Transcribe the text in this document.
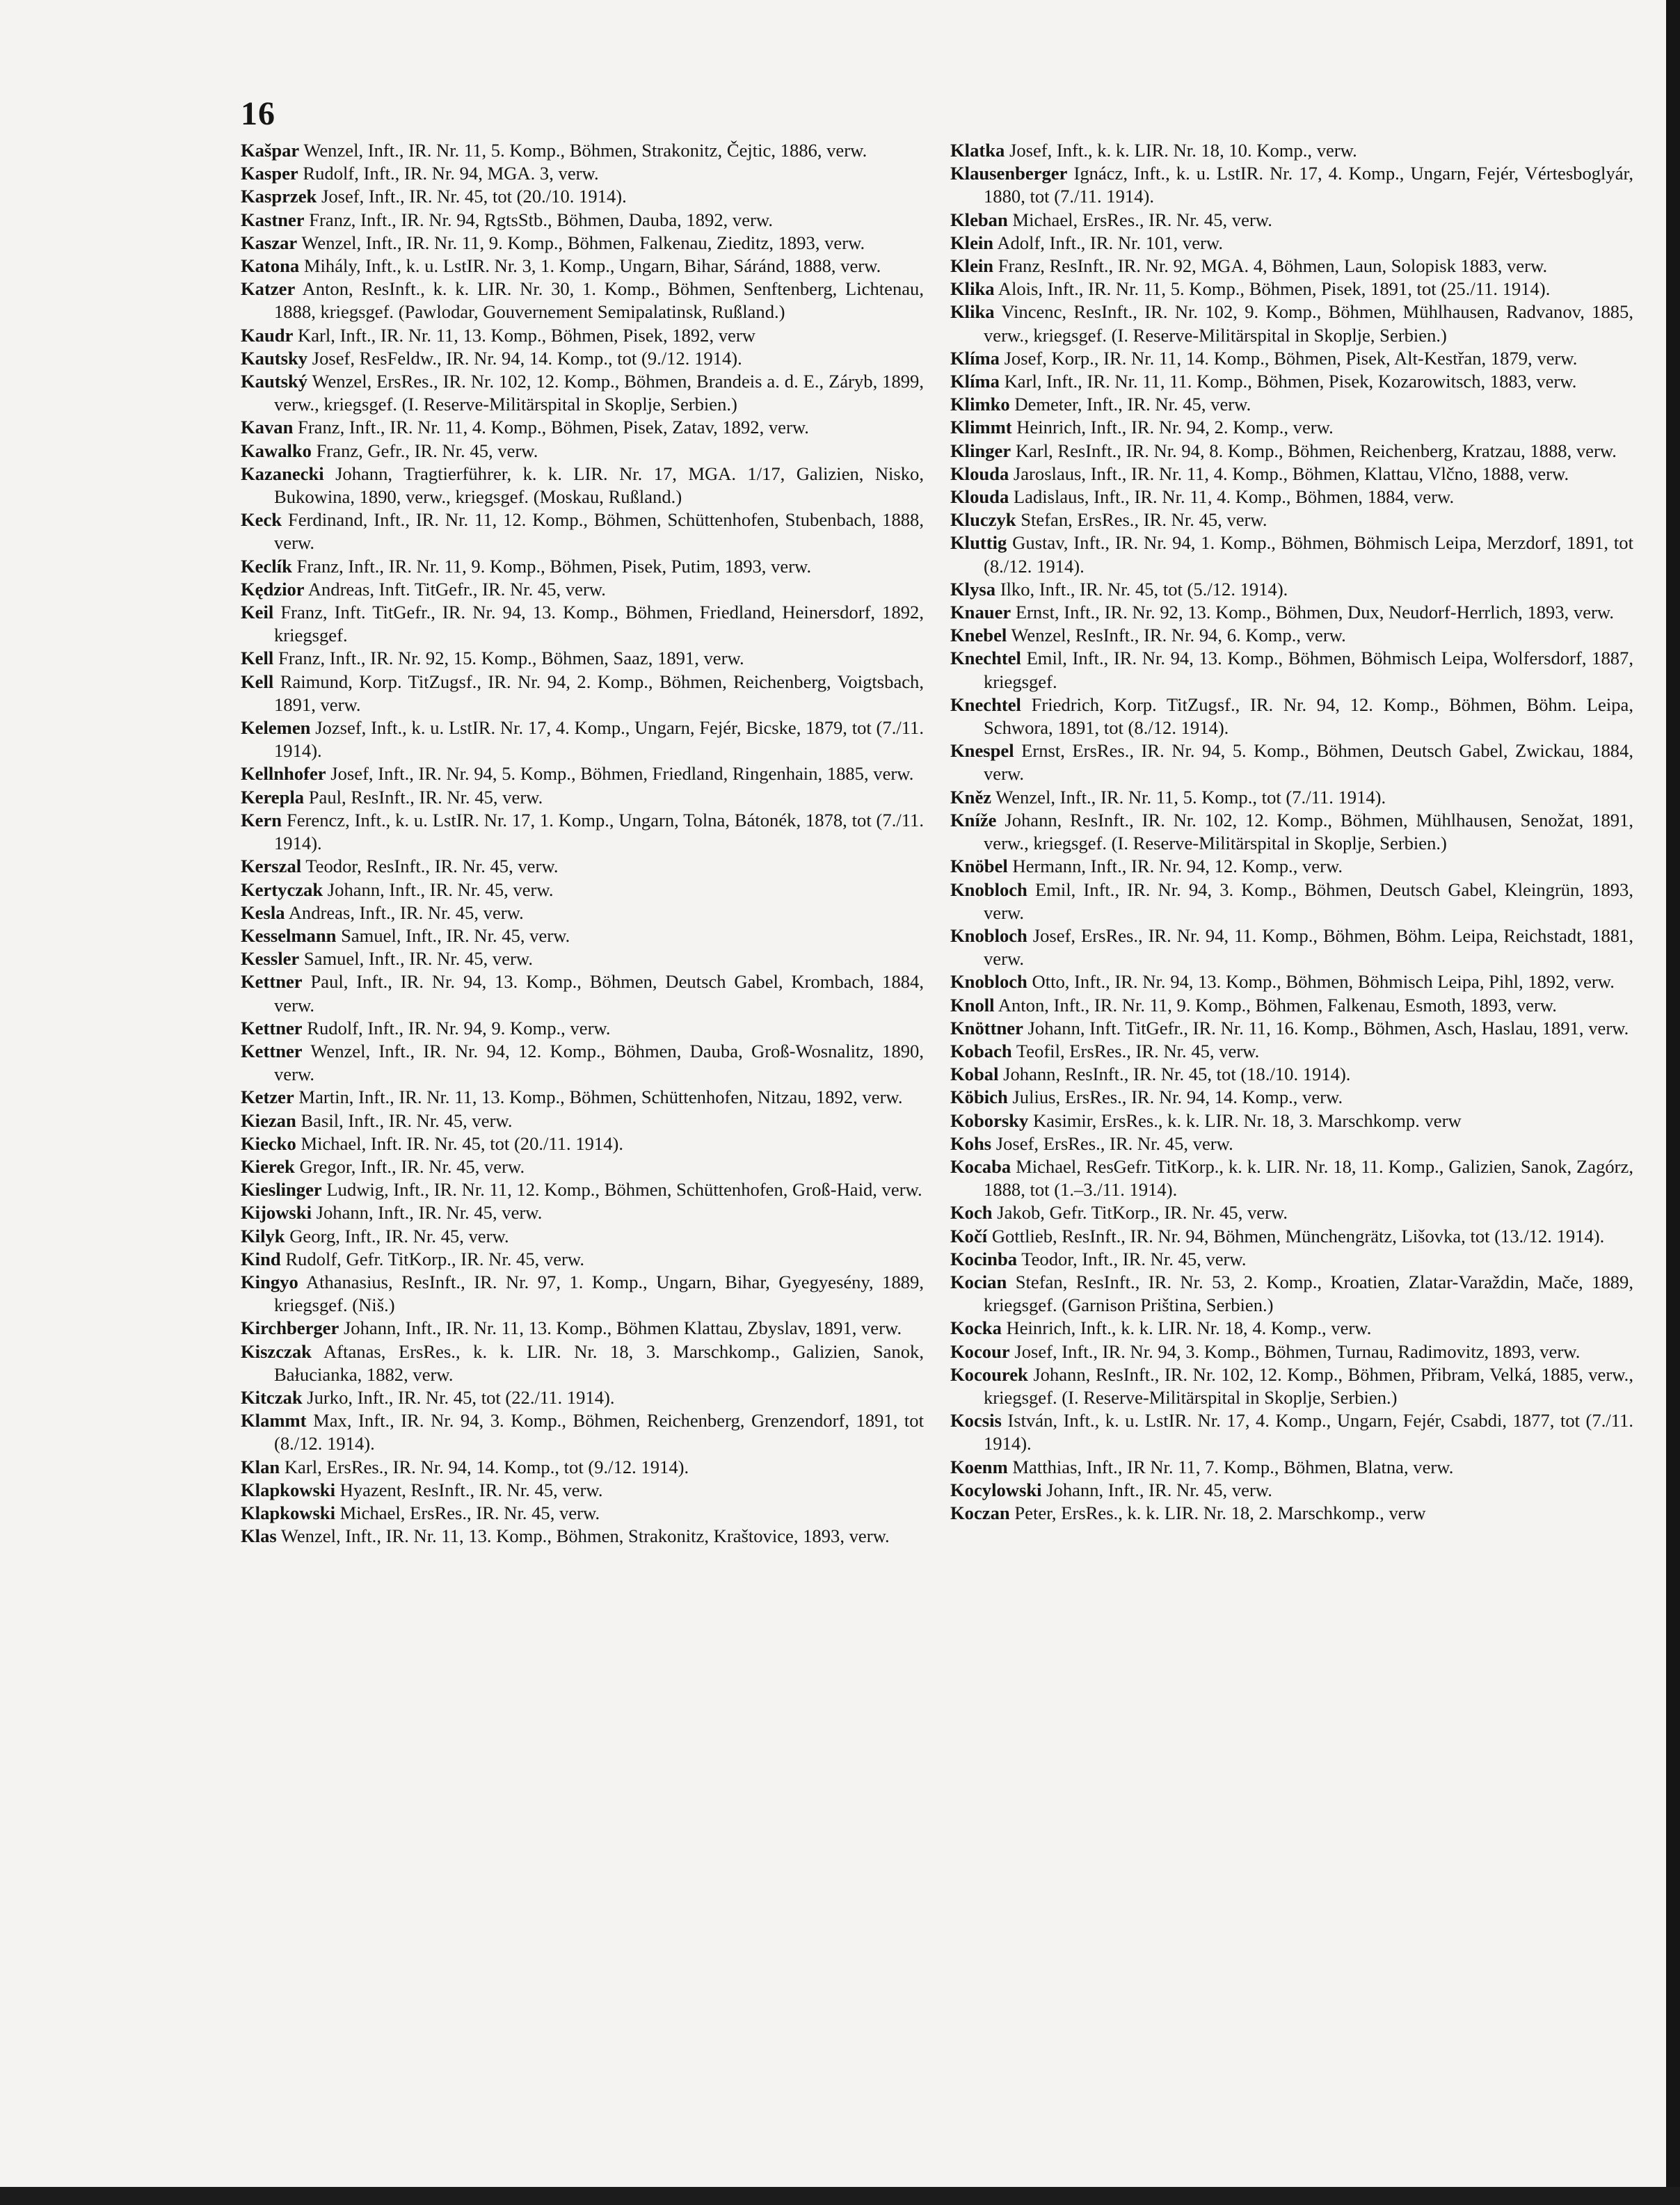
16
Kašpar Wenzel, Inft., IR. Nr. 11, 5. Komp., Böhmen, Strakonitz, Čejtic, 1886, verw.
Kasper Rudolf, Inft., IR. Nr. 94, MGA. 3, verw.
Kasprzek Josef, Inft., IR. Nr. 45, tot (20./10. 1914).
Kastner Franz, Inft., IR. Nr. 94, RgtsStb., Böhmen, Dauba, 1892, verw.
Kaszar Wenzel, Inft., IR. Nr. 11, 9. Komp., Böhmen, Falkenau, Zieditz, 1893, verw.
Katona Mihály, Inft., k. u. LstIR. Nr. 3, 1. Komp., Ungarn, Bihar, Sáránd, 1888, verw.
Katzer Anton, ResInft., k. k. LIR. Nr. 30, 1. Komp., Böhmen, Senftenberg, Lichtenau, 1888, kriegsgef. (Pawlodar, Gouvernement Semipalatinsk, Rußland.)
Kaudr Karl, Inft., IR. Nr. 11, 13. Komp., Böhmen, Pisek, 1892, verw
Kautsky Josef, ResFeldw., IR. Nr. 94, 14. Komp., tot (9./12. 1914).
Kautský Wenzel, ErsRes., IR. Nr. 102, 12. Komp., Böhmen, Brandeis a. d. E., Záryb, 1899, verw., kriegsgef. (I. Reserve-Militärspital in Skoplje, Serbien.)
Kavan Franz, Inft., IR. Nr. 11, 4. Komp., Böhmen, Pisek, Zatav, 1892, verw.
Kawalko Franz, Gefr., IR. Nr. 45, verw.
Kazanecki Johann, Tragtierführer, k. k. LIR. Nr. 17, MGA. 1/17, Galizien, Nisko, Bukowina, 1890, verw., kriegsgef. (Moskau, Rußland.)
Keck Ferdinand, Inft., IR. Nr. 11, 12. Komp., Böhmen, Schüttenhofen, Stubenbach, 1888, verw.
Keclík Franz, Inft., IR. Nr. 11, 9. Komp., Böhmen, Pisek, Putim, 1893, verw.
Kędzior Andreas, Inft. TitGefr., IR. Nr. 45, verw.
Keil Franz, Inft. TitGefr., IR. Nr. 94, 13. Komp., Böhmen, Friedland, Heinersdorf, 1892, kriegsgef.
Kell Franz, Inft., IR. Nr. 92, 15. Komp., Böhmen, Saaz, 1891, verw.
Kell Raimund, Korp. TitZugsf., IR. Nr. 94, 2. Komp., Böhmen, Reichenberg, Voigtsbach, 1891, verw.
Kelemen Jozsef, Inft., k. u. LstIR. Nr. 17, 4. Komp., Ungarn, Fejér, Bicske, 1879, tot (7./11. 1914).
Kellnhofer Josef, Inft., IR. Nr. 94, 5. Komp., Böhmen, Friedland, Ringenhain, 1885, verw.
Kerepla Paul, ResInft., IR. Nr. 45, verw.
Kern Ferencz, Inft., k. u. LstIR. Nr. 17, 1. Komp., Ungarn, Tolna, Bátonék, 1878, tot (7./11. 1914).
Kerszal Teodor, ResInft., IR. Nr. 45, verw.
Kertyczak Johann, Inft., IR. Nr. 45, verw.
Kesla Andreas, Inft., IR. Nr. 45, verw.
Kesselmann Samuel, Inft., IR. Nr. 45, verw.
Kessler Samuel, Inft., IR. Nr. 45, verw.
Kettner Paul, Inft., IR. Nr. 94, 13. Komp., Böhmen, Deutsch Gabel, Krombach, 1884, verw.
Kettner Rudolf, Inft., IR. Nr. 94, 9. Komp., verw.
Kettner Wenzel, Inft., IR. Nr. 94, 12. Komp., Böhmen, Dauba, Groß-Wosnalitz, 1890, verw.
Ketzer Martin, Inft., IR. Nr. 11, 13. Komp., Böhmen, Schüttenhofen, Nitzau, 1892, verw.
Kiezan Basil, Inft., IR. Nr. 45, verw.
Kiecko Michael, Inft. IR. Nr. 45, tot (20./11. 1914).
Kierek Gregor, Inft., IR. Nr. 45, verw.
Kieslinger Ludwig, Inft., IR. Nr. 11, 12. Komp., Böhmen, Schüttenhofen, Groß-Haid, verw.
Kijowski Johann, Inft., IR. Nr. 45, verw.
Kilyk Georg, Inft., IR. Nr. 45, verw.
Kind Rudolf, Gefr. TitKorp., IR. Nr. 45, verw.
Kingyo Athanasius, ResInft., IR. Nr. 97, 1. Komp., Ungarn, Bihar, Gyegyesény, 1889, kriegsgef. (Niš.)
Kirchberger Johann, Inft., IR. Nr. 11, 13. Komp., Böhmen Klattau, Zbyslav, 1891, verw.
Kiszczak Aftanas, ErsRes., k. k. LIR. Nr. 18, 3. Marschkomp., Galizien, Sanok, Bałucianka, 1882, verw.
Kitczak Jurko, Inft., IR. Nr. 45, tot (22./11. 1914).
Klammt Max, Inft., IR. Nr. 94, 3. Komp., Böhmen, Reichenberg, Grenzendorf, 1891, tot (8./12. 1914).
Klan Karl, ErsRes., IR. Nr. 94, 14. Komp., tot (9./12. 1914).
Klapkowski Hyazent, ResInft., IR. Nr. 45, verw.
Klapkowski Michael, ErsRes., IR. Nr. 45, verw.
Klas Wenzel, Inft., IR. Nr. 11, 13. Komp., Böhmen, Strakonitz, Kraštovice, 1893, verw.
Klatka Josef, Inft., k. k. LIR. Nr. 18, 10. Komp., verw.
Klausenberger Ignácz, Inft., k. u. LstIR. Nr. 17, 4. Komp., Ungarn, Fejér, Vértesboglyár, 1880, tot (7./11. 1914).
Kleban Michael, ErsRes., IR. Nr. 45, verw.
Klein Adolf, Inft., IR. Nr. 101, verw.
Klein Franz, ResInft., IR. Nr. 92, MGA. 4, Böhmen, Laun, Solopisk 1883, verw.
Klika Alois, Inft., IR. Nr. 11, 5. Komp., Böhmen, Pisek, 1891, tot (25./11. 1914).
Klika Vincenc, ResInft., IR. Nr. 102, 9. Komp., Böhmen, Mühlhausen, Radvanov, 1885, verw., kriegsgef. (I. Reserve-Militärspital in Skoplje, Serbien.)
Klíma Josef, Korp., IR. Nr. 11, 14. Komp., Böhmen, Pisek, Alt-Kestřan, 1879, verw.
Klíma Karl, Inft., IR. Nr. 11, 11. Komp., Böhmen, Pisek, Kozarowitsch, 1883, verw.
Klimko Demeter, Inft., IR. Nr. 45, verw.
Klimmt Heinrich, Inft., IR. Nr. 94, 2. Komp., verw.
Klinger Karl, ResInft., IR. Nr. 94, 8. Komp., Böhmen, Reichenberg, Kratzau, 1888, verw.
Klouda Jaroslaus, Inft., IR. Nr. 11, 4. Komp., Böhmen, Klattau, Vlčno, 1888, verw.
Klouda Ladislaus, Inft., IR. Nr. 11, 4. Komp., Böhmen, 1884, verw.
Kluczyk Stefan, ErsRes., IR. Nr. 45, verw.
Kluttig Gustav, Inft., IR. Nr. 94, 1. Komp., Böhmen, Böhmisch Leipa, Merzdorf, 1891, tot (8./12. 1914).
Klysa Ilko, Inft., IR. Nr. 45, tot (5./12. 1914).
Knauer Ernst, Inft., IR. Nr. 92, 13. Komp., Böhmen, Dux, Neudorf-Herrlich, 1893, verw.
Knebel Wenzel, ResInft., IR. Nr. 94, 6. Komp., verw.
Knechtel Emil, Inft., IR. Nr. 94, 13. Komp., Böhmen, Böhmisch Leipa, Wolfersdorf, 1887, kriegsgef.
Knechtel Friedrich, Korp. TitZugsf., IR. Nr. 94, 12. Komp., Böhmen, Böhm. Leipa, Schwora, 1891, tot (8./12. 1914).
Knespel Ernst, ErsRes., IR. Nr. 94, 5. Komp., Böhmen, Deutsch Gabel, Zwickau, 1884, verw.
Kněz Wenzel, Inft., IR. Nr. 11, 5. Komp., tot (7./11. 1914).
Knížе Johann, ResInft., IR. Nr. 102, 12. Komp., Böhmen, Mühlhausen, Senožat, 1891, verw., kriegsgef. (I. Reserve-Militärspital in Skoplje, Serbien.)
Knöbel Hermann, Inft., IR. Nr. 94, 12. Komp., verw.
Knobloch Emil, Inft., IR. Nr. 94, 3. Komp., Böhmen, Deutsch Gabel, Kleingrün, 1893, verw.
Knobloch Josef, ErsRes., IR. Nr. 94, 11. Komp., Böhmen, Böhm. Leipa, Reichstadt, 1881, verw.
Knobloch Otto, Inft., IR. Nr. 94, 13. Komp., Böhmen, Böhmisch Leipa, Pihl, 1892, verw.
Knoll Anton, Inft., IR. Nr. 11, 9. Komp., Böhmen, Falkenau, Esmoth, 1893, verw.
Knöttner Johann, Inft. TitGefr., IR. Nr. 11, 16. Komp., Böhmen, Asch, Haslau, 1891, verw.
Kobach Teofil, ErsRes., IR. Nr. 45, verw.
Kobal Johann, ResInft., IR. Nr. 45, tot (18./10. 1914).
Köbich Julius, ErsRes., IR. Nr. 94, 14. Komp., verw.
Koborsky Kasimir, ErsRes., k. k. LIR. Nr. 18, 3. Marschkomp. verw
Kohs Josef, ErsRes., IR. Nr. 45, verw.
Kocaba Michael, ResGefr. TitKorp., k. k. LIR. Nr. 18, 11. Komp., Galizien, Sanok, Zagórz, 1888, tot (1.–3./11. 1914).
Koch Jakob, Gefr. TitKorp., IR. Nr. 45, verw.
Kočí Gottlieb, ResInft., IR. Nr. 94, Böhmen, Münchengrätz, Lišovka, tot (13./12. 1914).
Kocinba Teodor, Inft., IR. Nr. 45, verw.
Kocian Stefan, ResInft., IR. Nr. 53, 2. Komp., Kroatien, Zlatar-Varaždin, Mače, 1889, kriegsgef. (Garnison Priština, Serbien.)
Kocka Heinrich, Inft., k. k. LIR. Nr. 18, 4. Komp., verw.
Kocour Josef, Inft., IR. Nr. 94, 3. Komp., Böhmen, Turnau, Radimovitz, 1893, verw.
Kocourek Johann, ResInft., IR. Nr. 102, 12. Komp., Böhmen, Přibram, Velká, 1885, verw., kriegsgef. (I. Reserve-Militärspital in Skoplje, Serbien.)
Kocsis István, Inft., k. u. LstIR. Nr. 17, 4. Komp., Ungarn, Fejér, Csabdi, 1877, tot (7./11. 1914).
Koenm Matthias, Inft., IR Nr. 11, 7. Komp., Böhmen, Blatna, verw.
Kocylowski Johann, Inft., IR. Nr. 45, verw.
Koczan Peter, ErsRes., k. k. LIR. Nr. 18, 2. Marschkomp., verw
